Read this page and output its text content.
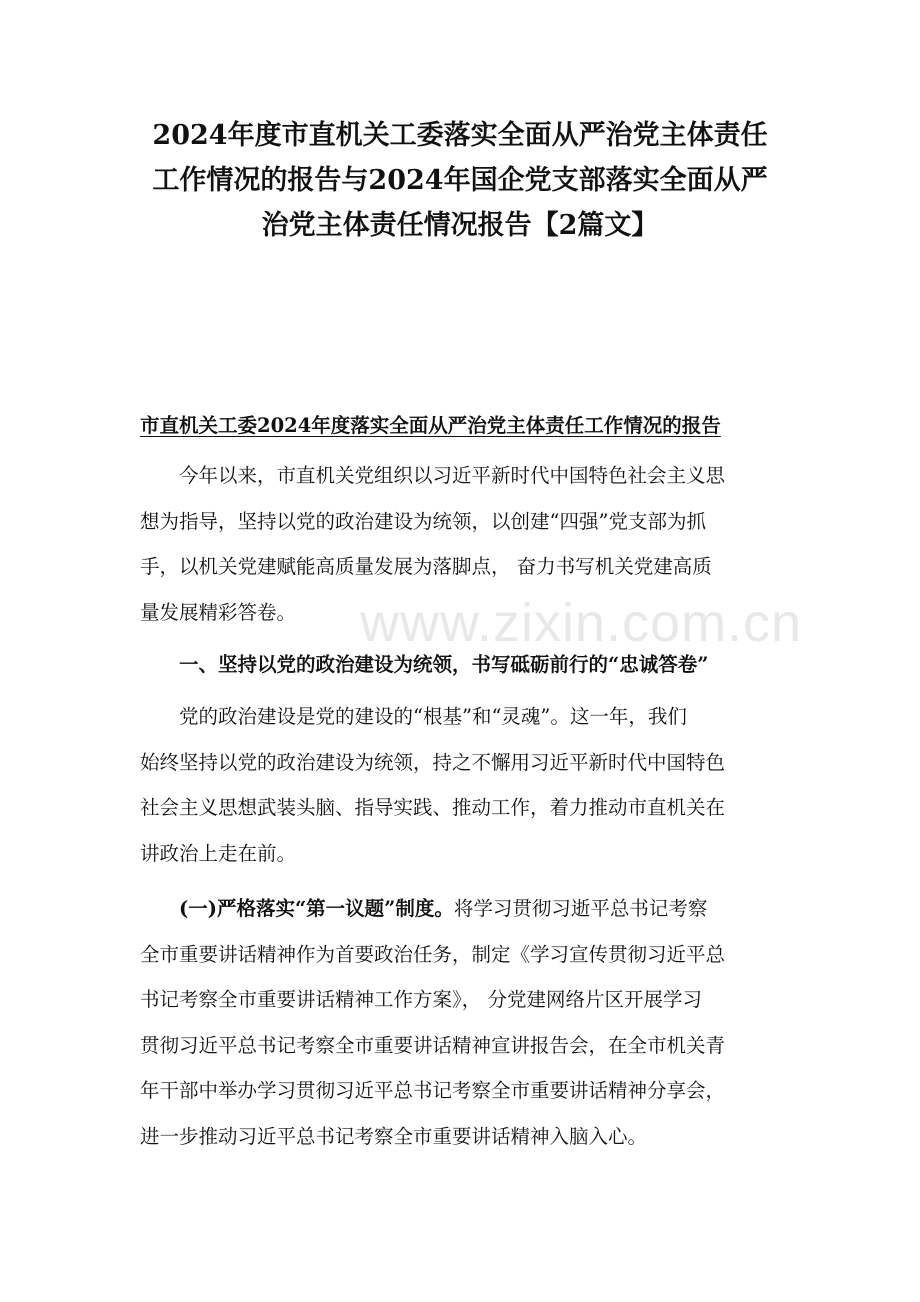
2024年度市直机关工委落实全面从严治党主体责任
工作情况的报告与2024年国企党支部落实全面从严
治党主体责任情况报告【2篇文】
市直机关工委2024年度落实全面从严治党主体责任工作情况的报告

今年以来，市直机关党组织以习近平新时代中国特色社会主义思
想为指导，坚持以党的政治建设为统领，以创建“四强”党支部为抓
手，以机关党建赋能高质量发展为落脚点， 奋力书写机关党建高质
量发展精彩答卷。

一、坚持以党的政治建设为统领，书写砥砺前行的“忠诚答卷”

党的政治建设是党的建设的“根基”和“灵魂”。这一年，我们
始终坚持以党的政治建设为统领，持之不懈用习近平新时代中国特色
社会主义思想武装头脑、指导实践、推动工作，着力推动市直机关在
讲政治上走在前。

(一)严格落实“第一议题”制度。将学习贯彻习逝平总书记考察
全市重要讲话精神作为首要政治任务，制定《学习宣传贯彻习近平总
书记考察全市重要讲话精神工作方案》， 分党建网络片区开展学习
贯彻习近平总书记考察全市重要讲话精神宣讲报告会，在全市机关青
年干部中举办学习贯彻习近平总书记考察全市重要讲话精神分享会，
进一步推动习近平总书记考察全市重要讲话精神入脑入心。

www.zixin.com.cn
